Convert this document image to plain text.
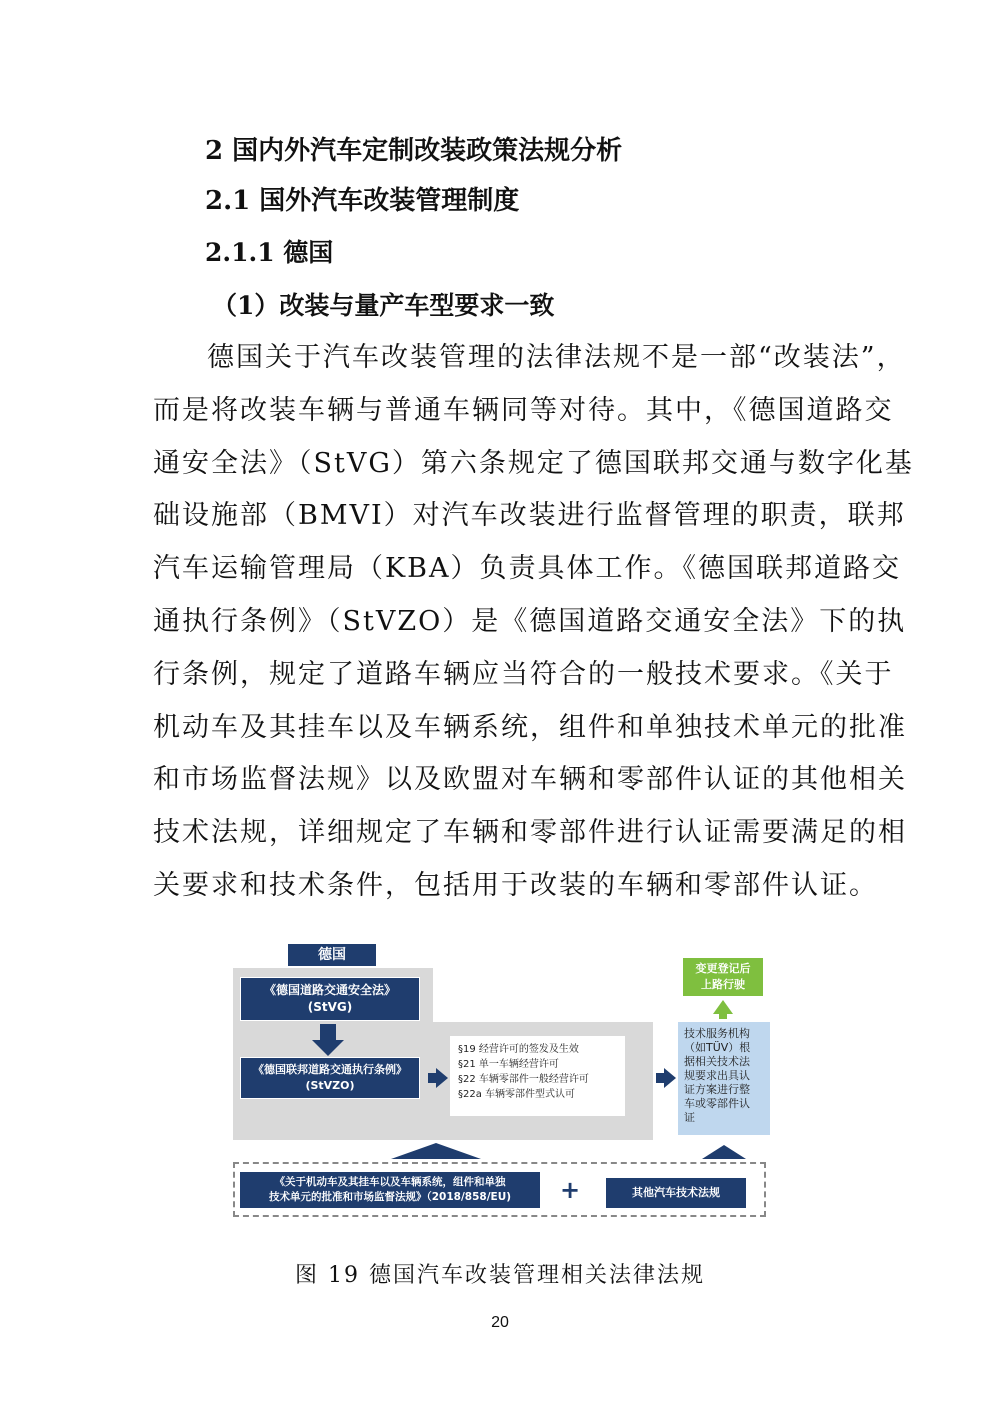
2 国内外汽车定制改装政策法规分析
2.1 国外汽车改装管理制度
2.1.1 德国
（1）改装与量产车型要求一致

德国关于汽车改装管理的法律法规不是一部“改装法”，
而是将改装车辆与普通车辆同等对待。其中，《德国道路交
通安全法》（StVG）第六条规定了德国联邦交通与数字化基
础设施部（BMVI）对汽车改装进行监督管理的职责，联邦
汽车运输管理局（KBA）负责具体工作。《德国联邦道路交
通执行条例》（StVZO）是《德国道路交通安全法》下的执
行条例，规定了道路车辆应当符合的一般技术要求。《关于
机动车及其挂车以及车辆系统，组件和单独技术单元的批准
和市场监督法规》以及欧盟对车辆和零部件认证的其他相关
技术法规，详细规定了车辆和零部件进行认证需要满足的相
关要求和技术条件，包括用于改装的车辆和零部件认证。

德国
《德国道路交通安全法》
(StVG)
《德国联邦道路交通执行条例》
(StVZO)
§19 经营许可的签发及生效
§21 单一车辆经营许可
§22 车辆零部件一般经营许可
§22a 车辆零部件型式认可
变更登记后
上路行驶
技术服务机构
（如TÜV）根
据相关技术法
规要求出具认
证方案进行整
车或零部件认
证
《关于机动车及其挂车以及车辆系统，组件和单独
技术单元的批准和市场监督法规》（2018/858/EU)	+	其他汽车技术法规

图 19 德国汽车改装管理相关法律法规

20
